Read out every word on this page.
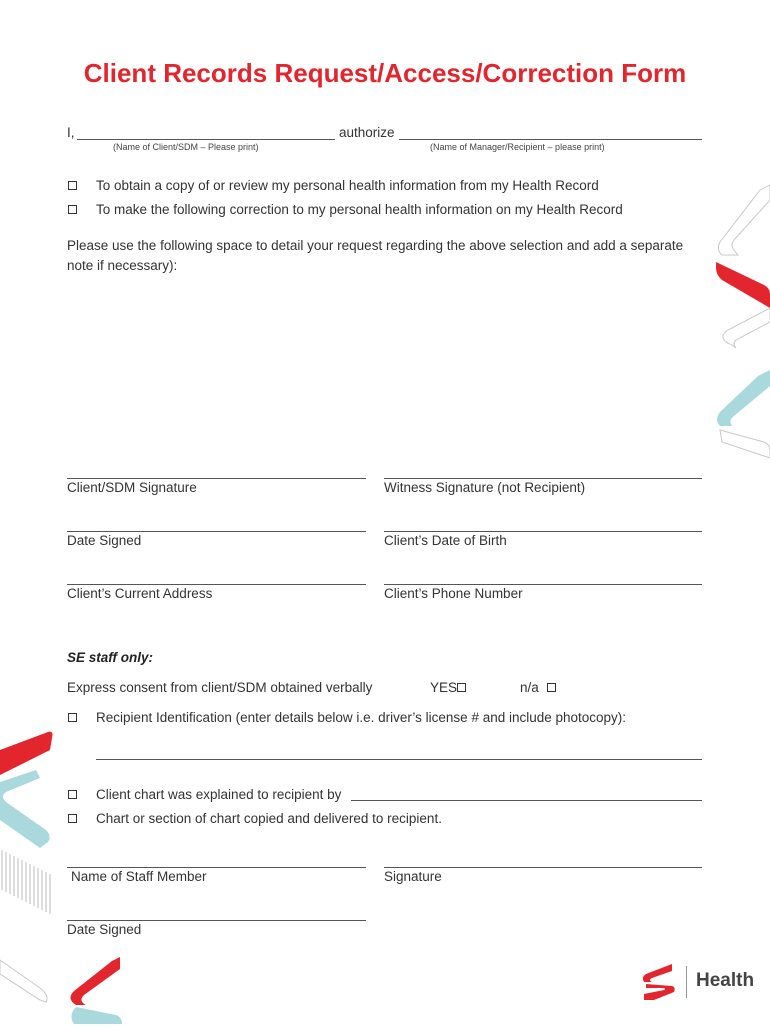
Client Records Request/Access/Correction Form
I,	authorize
(Name of Client/SDM – Please print)	(Name of Manager/Recipient – please print)
To obtain a copy of or review my personal health information from my Health Record
To make the following correction to my personal health information on my Health Record
Please use the following space to detail your request regarding the above selection and add a separate note if necessary):
Client/SDM Signature	Witness Signature (not Recipient)
Date Signed	Client’s Date of Birth
Client’s Current Address	Client’s Phone Number
SE staff only:
Express consent from client/SDM obtained verbally	YES	n/a
Recipient Identification (enter details below i.e. driver’s license # and include photocopy):
Client chart was explained to recipient by
Chart or section of chart copied and delivered to recipient.
Name of Staff Member	Signature
Date Signed
Health
